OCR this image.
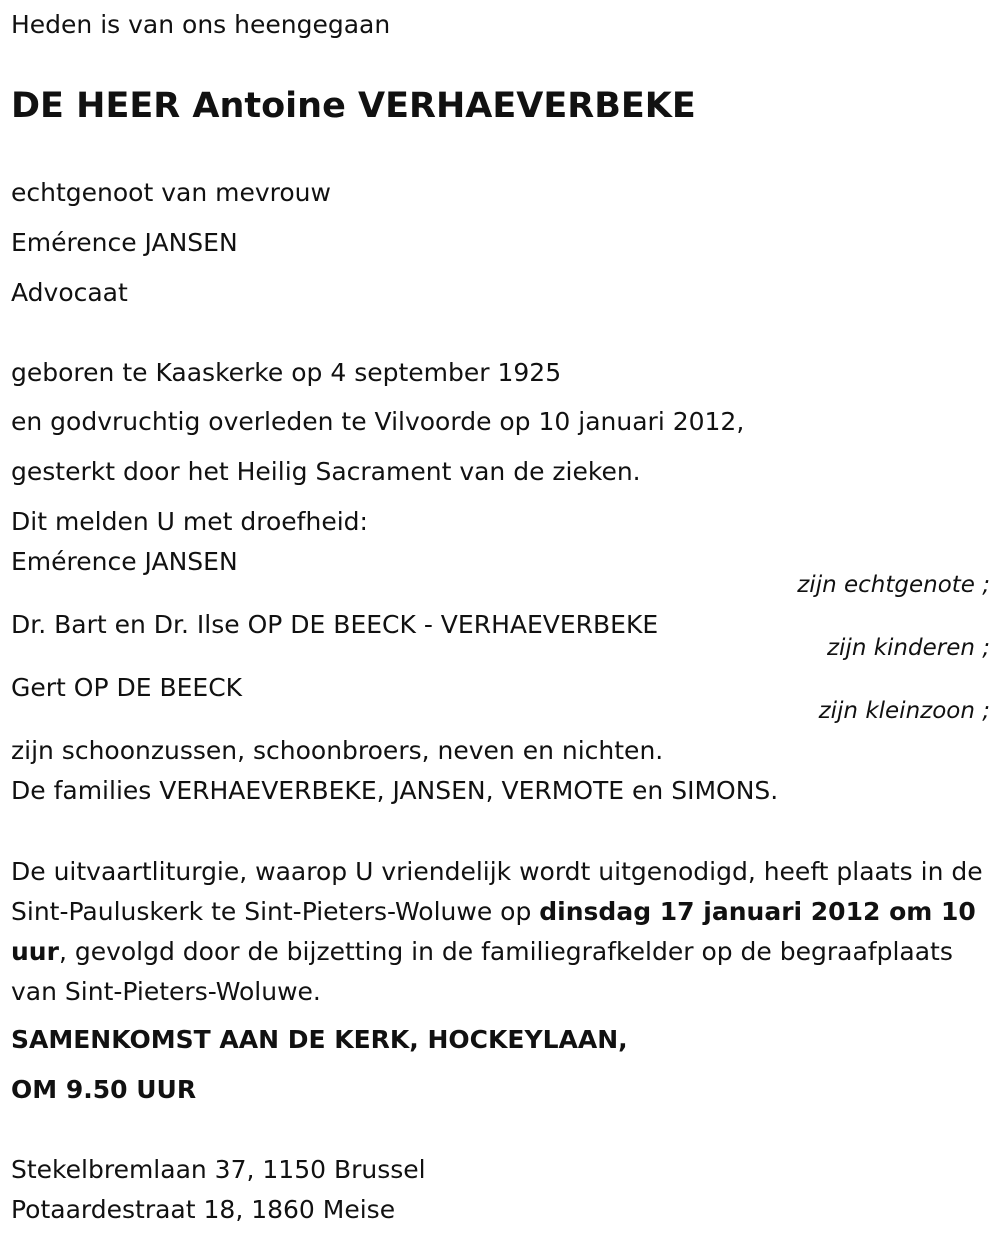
Heden is van ons heengegaan

DE HEER Antoine VERHAEVERBEKE

echtgenoot van mevrouw

Emérence JANSEN

Advocaat

geboren te Kaaskerke op 4 september 1925

en godvruchtig overleden te Vilvoorde op 10 januari 2012,

gesterkt door het Heilig Sacrament van de zieken.

Dit melden U met droefheid:

Emérence JANSEN

zijn echtgenote ;

Dr. Bart en Dr. Ilse OP DE BEECK - VERHAEVERBEKE

zijn kinderen ;

Gert OP DE BEECK

zijn kleinzoon ;

zijn schoonzussen, schoonbroers, neven en nichten.

De families VERHAEVERBEKE, JANSEN, VERMOTE en SIMONS.

De uitvaartliturgie, waarop U vriendelijk wordt uitgenodigd, heeft plaats in de Sint-Pauluskerk te Sint-Pieters-Woluwe op dinsdag 17 januari 2012 om 10 uur, gevolgd door de bijzetting in de familiegrafkelder op de begraafplaats van Sint-Pieters-Woluwe.

SAMENKOMST AAN DE KERK, HOCKEYLAAN,

OM 9.50 UUR

Stekelbremlaan 37, 1150 Brussel

Potaardestraat 18, 1860 Meise
